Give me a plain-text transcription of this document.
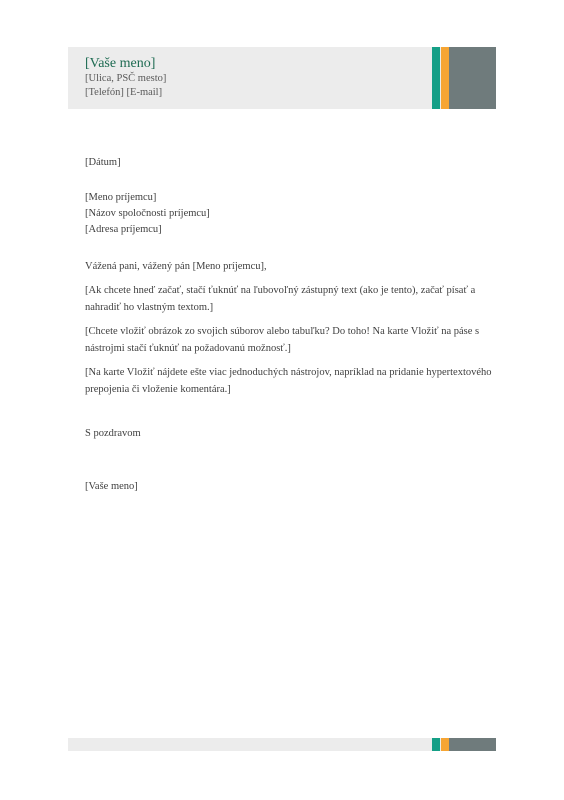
[Vaše meno]
[Ulica, PSČ mesto]
[Telefón] [E-mail]
[Dátum]
[Meno príjemcu]
[Názov spoločnosti príjemcu]
[Adresa príjemcu]
Vážená pani, vážený pán [Meno príjemcu],
[Ak chcete hneď začať, stačí ťuknúť na ľubovoľný zástupný text (ako je tento), začať písať a nahradiť ho vlastným textom.]
[Chcete vložiť obrázok zo svojich súborov alebo tabuľku? Do toho! Na karte Vložiť na páse s nástrojmi stačí ťuknúť na požadovanú možnosť.]
[Na karte Vložiť nájdete ešte viac jednoduchých nástrojov, napríklad na pridanie hypertextového prepojenia či vloženie komentára.]
S pozdravom
[Vaše meno]
